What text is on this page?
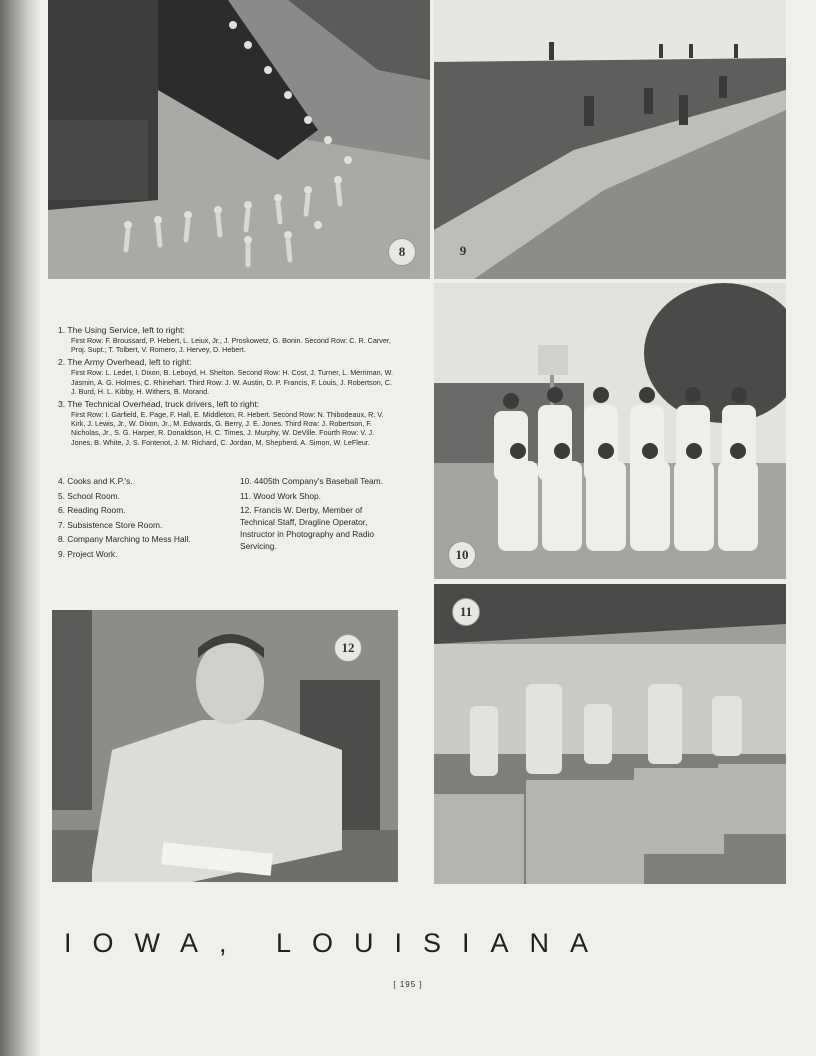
8	9
10
11
12
1. The Using Service, left to right:
First Row: F. Broussard, P. Hebert, L. Leiux, Jr., J. Proskowetz, G. Bonin. Second Row: C. R. Carver, Proj. Supt.; T. Tolbert, V. Romero, J. Hervey, D. Hebert.
2. The Army Overhead, left to right:
First Row: L. Ledet, I. Dixon, B. Leboyd, H. Shelton. Second Row: H. Cost, J. Turner, L. Merriman, W. Jasmin, A. G. Holmes, C. Rhinehart. Third Row: J. W. Austin, D. P. Francis, F. Louis, J. Robertson, C. J. Burd, H. L. Kibby, H. Withers, B. Morand.
3. The Technical Overhead, truck drivers, left to right:
First Row: I. Garfield, E. Page, F. Hall, E. Middleton, R. Hebert. Second Row: N. Thibodeaux, R. V. Kirk, J. Lewis, Jr., W. Dixon, Jr., M. Edwards, G. Berry, J. E. Jones. Third Row: J. Robertson, F. Nicholas, Jr., S. G. Harper, R. Donaldson, H. C. Times, J. Murphy, W. DeVille. Fourth Row: V. J. Jones, B. White, J. S. Fontenot, J. M. Richard, C. Jordan, M. Shepherd, A. Simon, W. LeFleur.
4. Cooks and K.P.'s.
5. School Room.
6. Reading Room.
7. Subsistence Store Room.
8. Company Marching to Mess Hall.
9. Project Work.
10. 4405th Company's Baseball Team.
11. Wood Work Shop.
12. Francis W. Derby, Member of Technical Staff, Dragline Operator, Instructor in Photography and Radio Servicing.
IOWA, LOUISIANA
[ 195 ]
